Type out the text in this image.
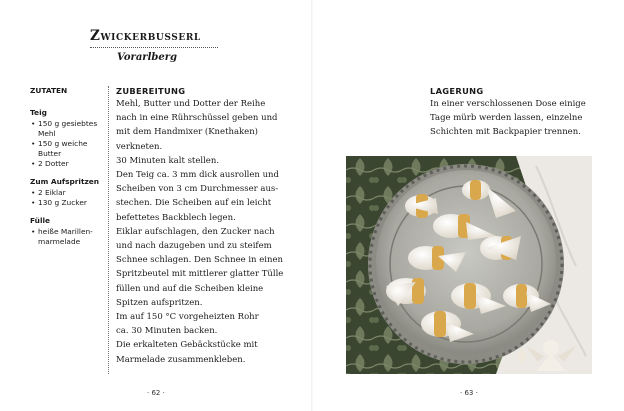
Zwickerbusserl
Vorarlberg
ZUTATEN
Teig
• 150 g gesiebtes Mehl
• 150 g weiche Butter
• 2 Dotter
Zum Aufspritzen
• 2 Eiklar
• 130 g Zucker
Fülle
• heiße Marillen-marmelade
ZUBEREITUNG

Mehl, Butter und Dotter der Reihe

nach in eine Rührschüssel geben und

mit dem Handmixer (Knethaken)

verkneten.

30 Minuten kalt stellen.

Den Teig ca. 3 mm dick ausrollen und

Scheiben von 3 cm Durchmesser aus-

stechen. Die Scheiben auf ein leicht

befettetes Backblech legen.

Eiklar aufschlagen, den Zucker nach

und nach dazugeben und zu steifem

Schnee schlagen. Den Schnee in einen

Spritzbeutel mit mittlerer glatter Tülle

füllen und auf die Scheiben kleine

Spitzen aufspritzen.

Im auf 150 °C vorgeheizten Rohr

ca. 30 Minuten backen.

Die erkalteten Gebäckstücke mit

Marmelade zusammenkleben.

LAGERUNG

In einer verschlossenen Dose einige

Tage mürb werden lassen, einzelne

Schichten mit Backpapier trennen.

· 62 ·	· 63 ·
